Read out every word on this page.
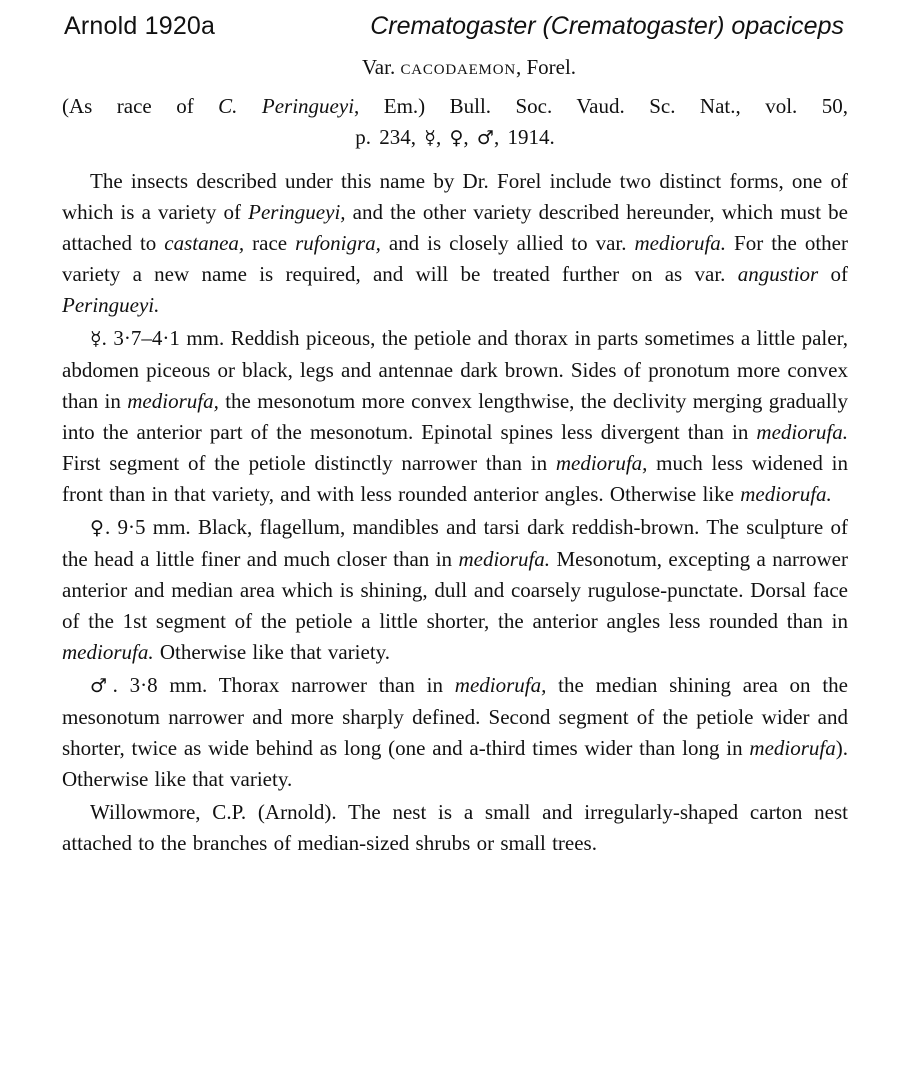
Arnold 1920a	Crematogaster (Crematogaster) opaciceps

Var. cacodaemon, Forel.

(As race of C. Peringueyi, Em.) Bull. Soc. Vaud. Sc. Nat., vol. 50,
p. 234, ☿, ♀, ♂, 1914.

The insects described under this name by Dr. Forel include two distinct forms, one of which is a variety of Peringueyi, and the other variety described hereunder, which must be attached to castanea, race rufonigra, and is closely allied to var. mediorufa. For the other variety a new name is required, and will be treated further on as var. angustior of Peringueyi.

☿. 3·7–4·1 mm. Reddish piceous, the petiole and thorax in parts sometimes a little paler, abdomen piceous or black, legs and antennae dark brown. Sides of pronotum more convex than in mediorufa, the mesonotum more convex lengthwise, the declivity merging gradually into the anterior part of the mesonotum. Epinotal spines less divergent than in mediorufa. First segment of the petiole distinctly narrower than in mediorufa, much less widened in front than in that variety, and with less rounded anterior angles. Otherwise like mediorufa.

♀. 9·5 mm. Black, flagellum, mandibles and tarsi dark reddish-brown. The sculpture of the head a little finer and much closer than in mediorufa. Mesonotum, excepting a narrower anterior and median area which is shining, dull and coarsely rugulose-punctate. Dorsal face of the 1st segment of the petiole a little shorter, the anterior angles less rounded than in mediorufa. Otherwise like that variety.

♂. 3·8 mm. Thorax narrower than in mediorufa, the median shining area on the mesonotum narrower and more sharply defined. Second segment of the petiole wider and shorter, twice as wide behind as long (one and a-third times wider than long in mediorufa). Otherwise like that variety.

Willowmore, C.P. (Arnold). The nest is a small and irregularly-shaped carton nest attached to the branches of median-sized shrubs or small trees.
